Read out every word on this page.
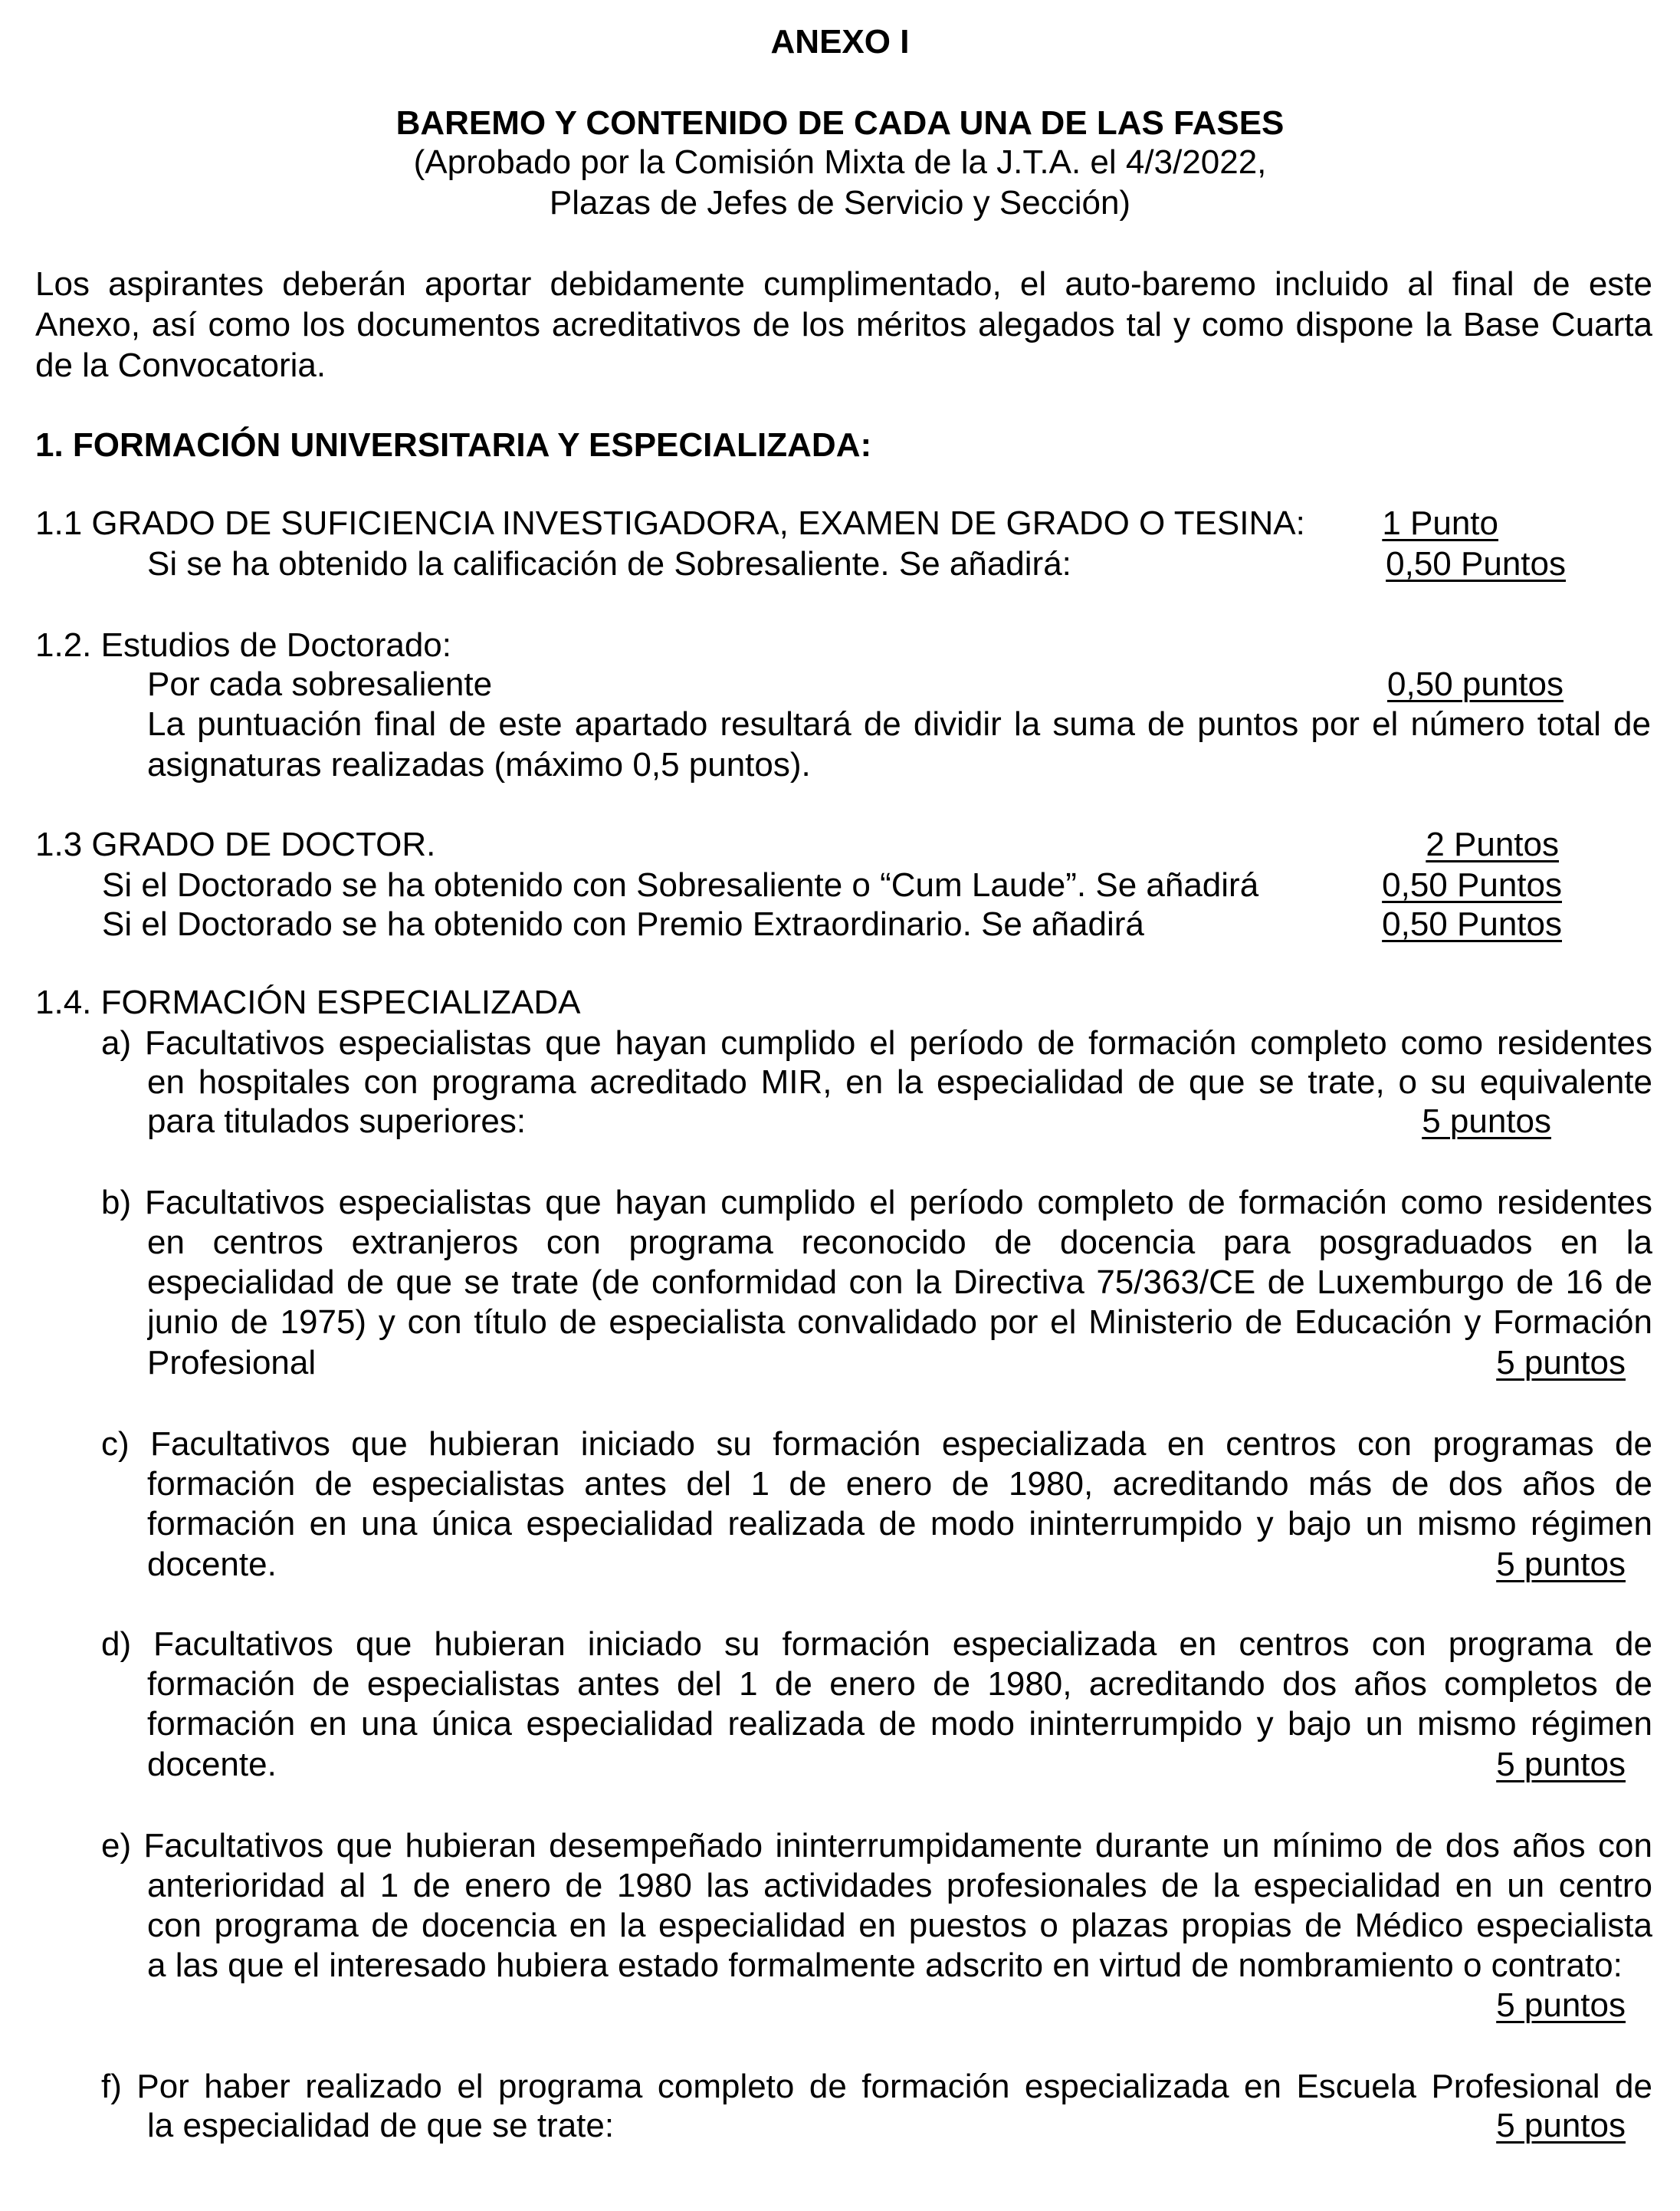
ANEXO I
BAREMO Y CONTENIDO DE CADA UNA DE LAS FASES
(Aprobado por la Comisión Mixta de la J.T.A. el 4/3/2022,
Plazas de Jefes de Servicio y Sección)
Los aspirantes deberán aportar debidamente cumplimentado, el auto-baremo incluido al final de este
Anexo, así como los documentos acreditativos de los méritos alegados tal y como dispone la Base Cuarta
de la Convocatoria.
1. FORMACIÓN UNIVERSITARIA Y ESPECIALIZADA:
1.1 GRADO DE SUFICIENCIA INVESTIGADORA, EXAMEN DE GRADO O TESINA: 1 Punto
Si se ha obtenido la calificación de Sobresaliente. Se añadirá:	0,50 Puntos
1.2. Estudios de Doctorado:
Por cada sobresaliente	0,50 puntos
La puntuación final de este apartado resultará de dividir la suma de puntos por el número total de
asignaturas realizadas (máximo 0,5 puntos).
1.3 GRADO DE DOCTOR.	2 Puntos
Si el Doctorado se ha obtenido con Sobresaliente o “Cum Laude”. Se añadirá	0,50 Puntos
Si el Doctorado se ha obtenido con Premio Extraordinario. Se añadirá	0,50 Puntos
1.4. FORMACIÓN ESPECIALIZADA
a) Facultativos especialistas que hayan cumplido el período de formación completo como residentes
en hospitales con programa acreditado MIR, en la especialidad de que se trate, o su equivalente
para titulados superiores:	5 puntos
b) Facultativos especialistas que hayan cumplido el período completo de formación como residentes
en centros extranjeros con programa reconocido de docencia para posgraduados en la
especialidad de que se trate (de conformidad con la Directiva 75/363/CE de Luxemburgo de 16 de
junio de 1975) y con título de especialista convalidado por el Ministerio de Educación y Formación
Profesional	5 puntos
c) Facultativos que hubieran iniciado su formación especializada en centros con programas de
formación de especialistas antes del 1 de enero de 1980, acreditando más de dos años de
formación en una única especialidad realizada de modo ininterrumpido y bajo un mismo régimen
docente.	5 puntos
d) Facultativos que hubieran iniciado su formación especializada en centros con programa de
formación de especialistas antes del 1 de enero de 1980, acreditando dos años completos de
formación en una única especialidad realizada de modo ininterrumpido y bajo un mismo régimen
docente.	5 puntos
e) Facultativos que hubieran desempeñado ininterrumpidamente durante un mínimo de dos años con
anterioridad al 1 de enero de 1980 las actividades profesionales de la especialidad en un centro
con programa de docencia en la especialidad en puestos o plazas propias de Médico especialista
a las que el interesado hubiera estado formalmente adscrito en virtud de nombramiento o contrato:
5 puntos
f) Por haber realizado el programa completo de formación especializada en Escuela Profesional de
la especialidad de que se trate:	5 puntos
